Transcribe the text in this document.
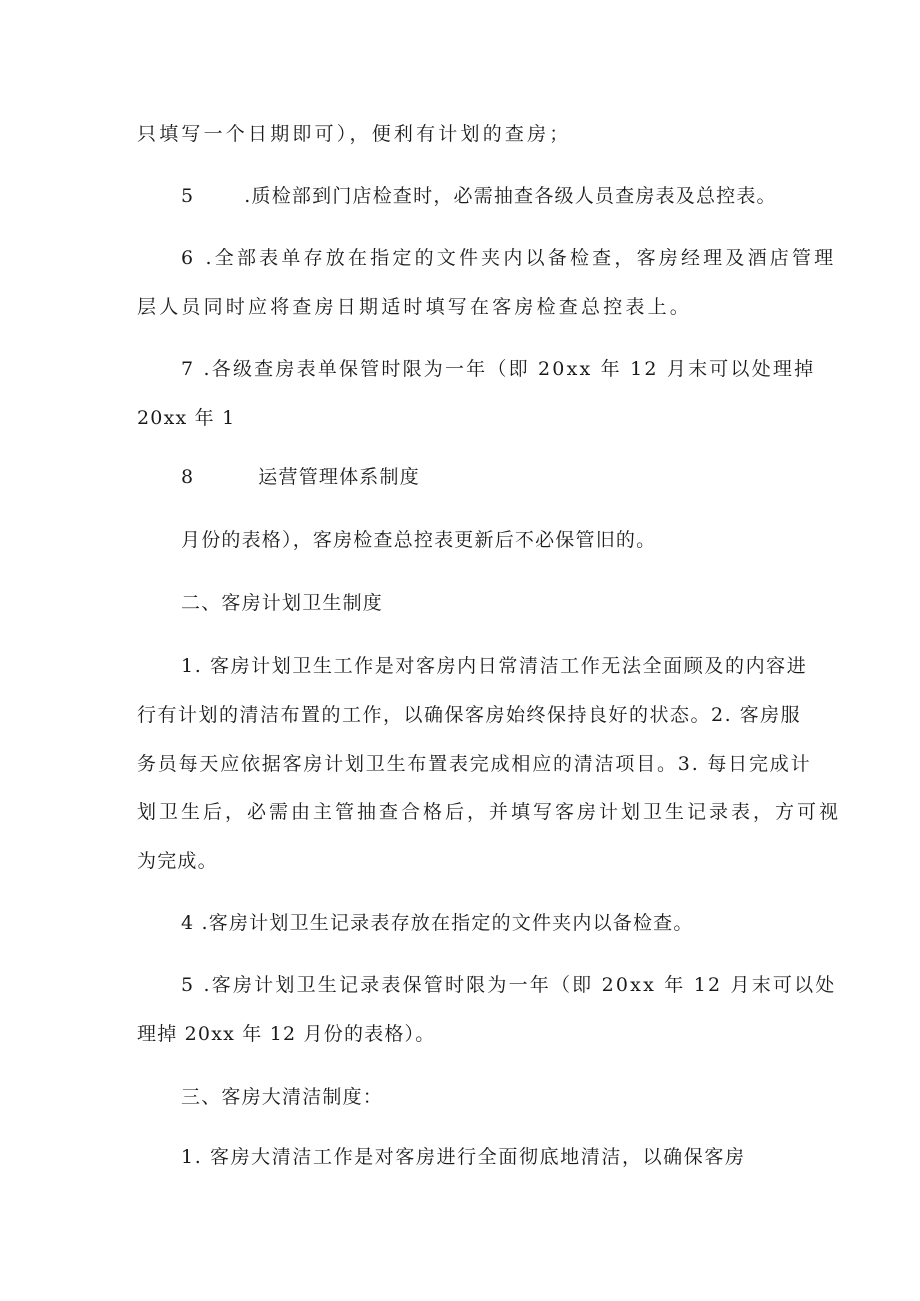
只填写一个日期即可），便利有计划的查房；
5	.质检部到门店检查时，必需抽查各级人员查房表及总控表。
6 .全部表单存放在指定的文件夹内以备检查，客房经理及酒店管理
层人员同时应将查房日期适时填写在客房检查总控表上。
7 .各级查房表单保管时限为一年（即 20xx 年 12 月末可以处理掉
20xx 年 1
8	运营管理体系制度
月份的表格），客房检查总控表更新后不必保管旧的。
二、客房计划卫生制度
1. 客房计划卫生工作是对客房内日常清洁工作无法全面顾及的内容进
行有计划的清洁布置的工作，以确保客房始终保持良好的状态。2. 客房服
务员每天应依据客房计划卫生布置表完成相应的清洁项目。3. 每日完成计
划卫生后，必需由主管抽查合格后，并填写客房计划卫生记录表，方可视
为完成。
4 .客房计划卫生记录表存放在指定的文件夹内以备检查。
5 .客房计划卫生记录表保管时限为一年（即 20xx 年 12 月末可以处
理掉 20xx 年 12 月份的表格）。
三、客房大清洁制度：
1. 客房大清洁工作是对客房进行全面彻底地清洁，以确保客房
